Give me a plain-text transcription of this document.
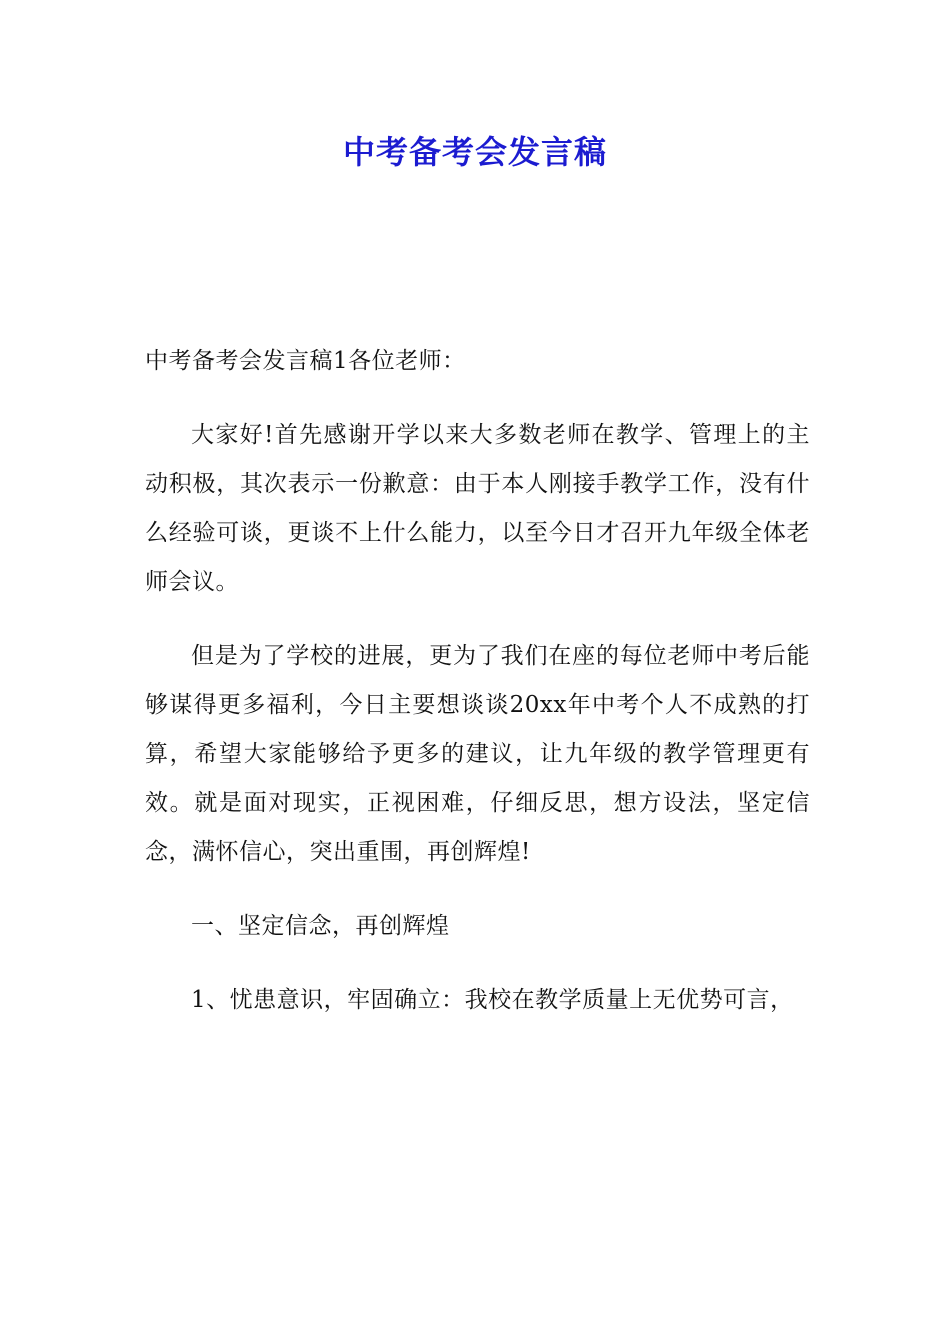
中考备考会发言稿

中考备考会发言稿1各位老师：

大家好!首先感谢开学以来大多数老师在教学、管理上的主动积极，其次表示一份歉意：由于本人刚接手教学工作，没有什么经验可谈，更谈不上什么能力，以至今日才召开九年级全体老师会议。

但是为了学校的进展，更为了我们在座的每位老师中考后能够谋得更多福利，今日主要想谈谈20xx年中考个人不成熟的打算，希望大家能够给予更多的建议，让九年级的教学管理更有效。就是面对现实，正视困难，仔细反思，想方设法，坚定信念，满怀信心，突出重围，再创辉煌!

一、坚定信念，再创辉煌

1、忧患意识，牢固确立：我校在教学质量上无优势可言，
